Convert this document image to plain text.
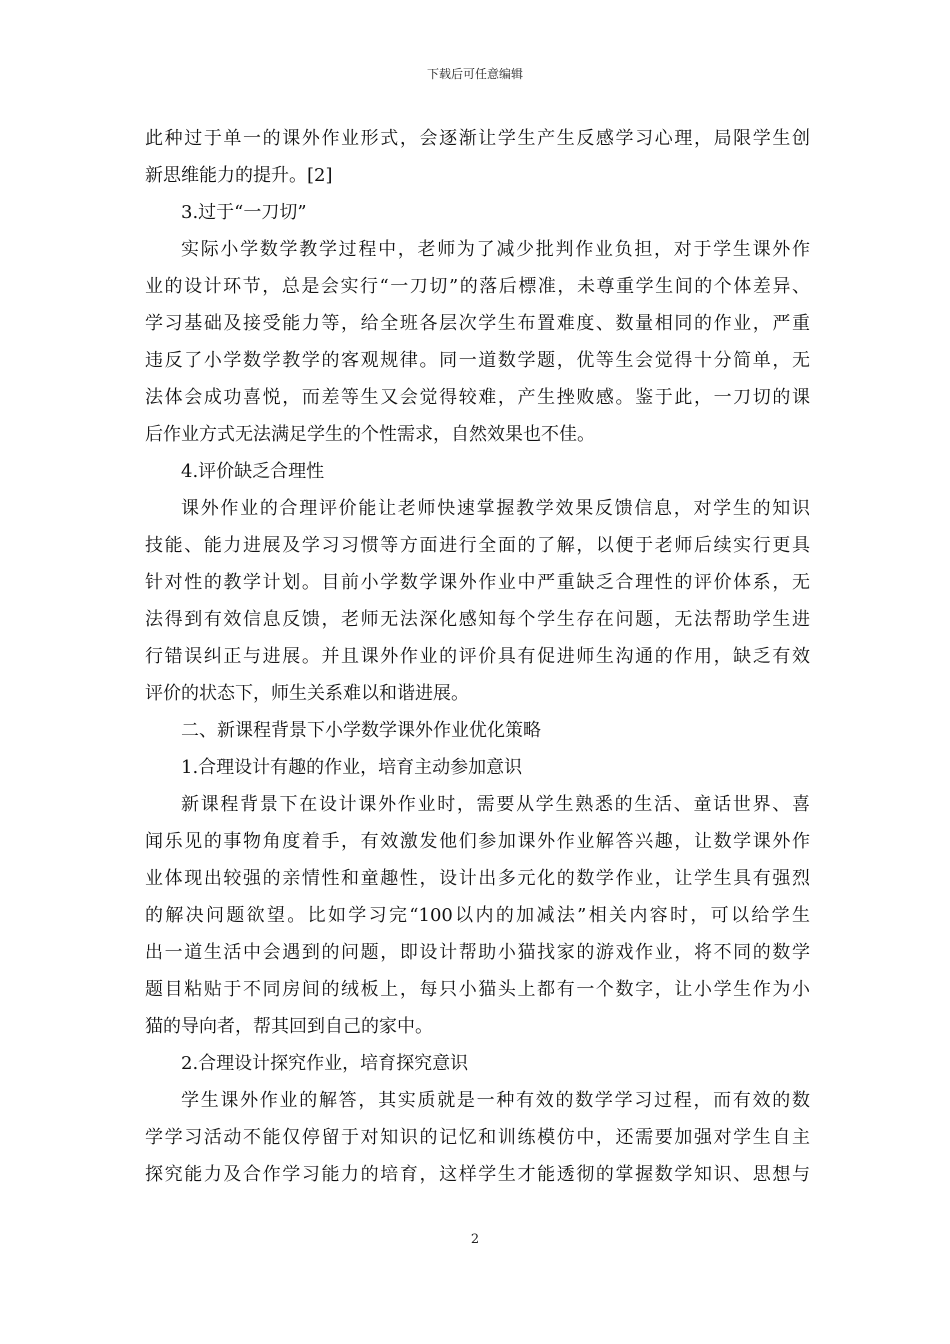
下载后可任意编辑
此种过于单一的课外作业形式，会逐渐让学生产生反感学习心理，局限学生创
新思维能力的提升。[2]
3.过于“一刀切”
实际小学数学教学过程中，老师为了减少批判作业负担，对于学生课外作
业的设计环节，总是会实行“一刀切”的落后標准，未尊重学生间的个体差异、
学习基础及接受能力等，给全班各层次学生布置难度、数量相同的作业，严重
违反了小学数学教学的客观规律。同一道数学题，优等生会觉得十分简单，无
法体会成功喜悦，而差等生又会觉得较难，产生挫败感。鉴于此，一刀切的课
后作业方式无法满足学生的个性需求，自然效果也不佳。
4.评价缺乏合理性
课外作业的合理评价能让老师快速掌握教学效果反馈信息，对学生的知识
技能、能力进展及学习习惯等方面进行全面的了解，以便于老师后续实行更具
针对性的教学计划。目前小学数学课外作业中严重缺乏合理性的评价体系，无
法得到有效信息反馈，老师无法深化感知每个学生存在问题，无法帮助学生进
行错误纠正与进展。并且课外作业的评价具有促进师生沟通的作用，缺乏有效
评价的状态下，师生关系难以和谐进展。
二、新课程背景下小学数学课外作业优化策略
1.合理设计有趣的作业，培育主动参加意识
新课程背景下在设计课外作业时，需要从学生熟悉的生活、童话世界、喜
闻乐见的事物角度着手，有效激发他们参加课外作业解答兴趣，让数学课外作
业体现出较强的亲情性和童趣性，设计出多元化的数学作业，让学生具有强烈
的解决问题欲望。比如学习完“100以内的加减法”相关内容时，可以给学生
出一道生活中会遇到的问题，即设计帮助小猫找家的游戏作业，将不同的数学
题目粘贴于不同房间的绒板上，每只小猫头上都有一个数字，让小学生作为小
猫的导向者，帮其回到自己的家中。
2.合理设计探究作业，培育探究意识
学生课外作业的解答，其实质就是一种有效的数学学习过程，而有效的数
学学习活动不能仅停留于对知识的记忆和训练模仿中，还需要加强对学生自主
探究能力及合作学习能力的培育，这样学生才能透彻的掌握数学知识、思想与
2
